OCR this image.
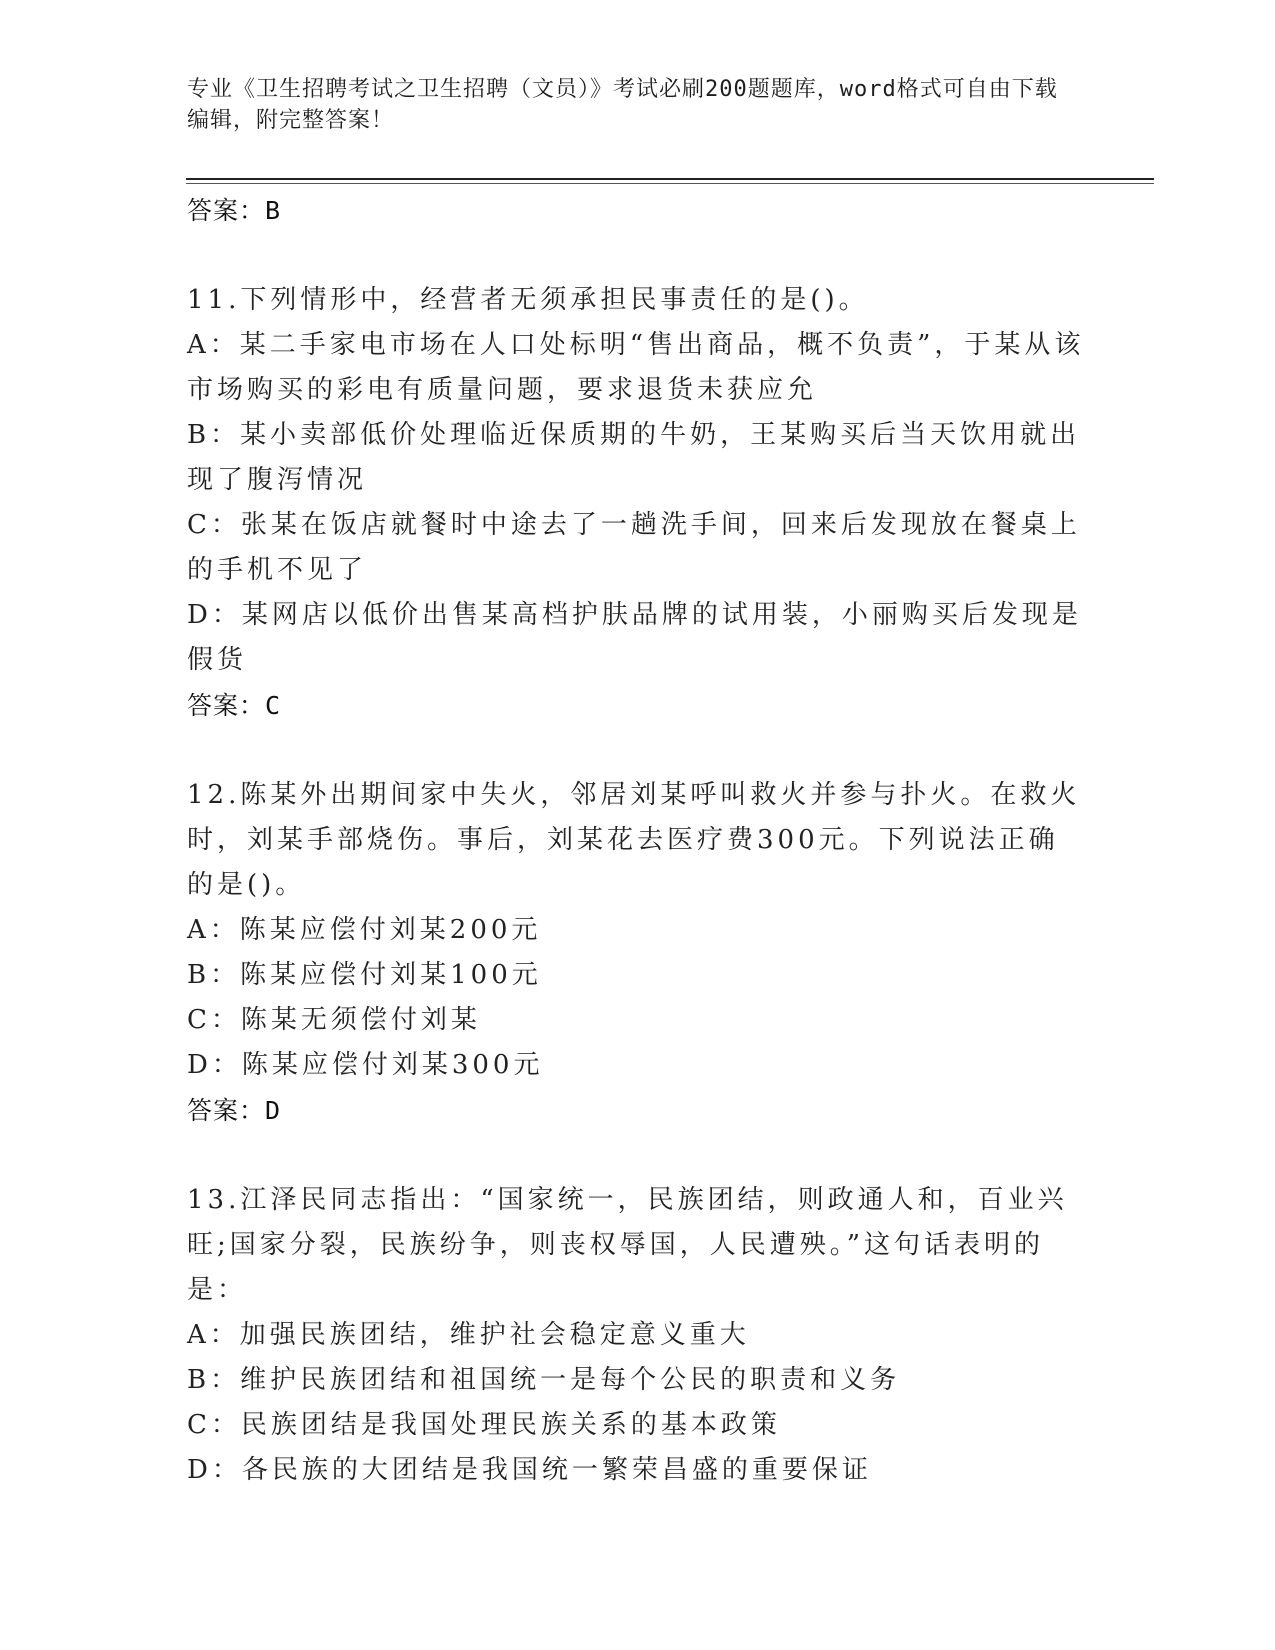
专业《卫生招聘考试之卫生招聘（文员）》考试必刷200题题库，word格式可自由下载编辑，附完整答案！
答案：B
11.下列情形中，经营者无须承担民事责任的是()。
A：某二手家电市场在人口处标明“售出商品，概不负责”，于某从该市场购买的彩电有质量问题，要求退货未获应允
B：某小卖部低价处理临近保质期的牛奶，王某购买后当天饮用就出现了腹泻情况
C：张某在饭店就餐时中途去了一趟洗手间，回来后发现放在餐桌上的手机不见了
D：某网店以低价出售某高档护肤品牌的试用装，小丽购买后发现是假货
答案：C
12.陈某外出期间家中失火，邻居刘某呼叫救火并参与扑火。在救火时，刘某手部烧伤。事后，刘某花去医疗费300元。下列说法正确的是()。
A：陈某应偿付刘某200元
B：陈某应偿付刘某100元
C：陈某无须偿付刘某
D：陈某应偿付刘某300元
答案：D
13.江泽民同志指出：“国家统一，民族团结，则政通人和，百业兴旺;国家分裂，民族纷争，则丧权辱国，人民遭殃。”这句话表明的是：
A：加强民族团结，维护社会稳定意义重大
B：维护民族团结和祖国统一是每个公民的职责和义务
C：民族团结是我国处理民族关系的基本政策
D：各民族的大团结是我国统一繁荣昌盛的重要保证
